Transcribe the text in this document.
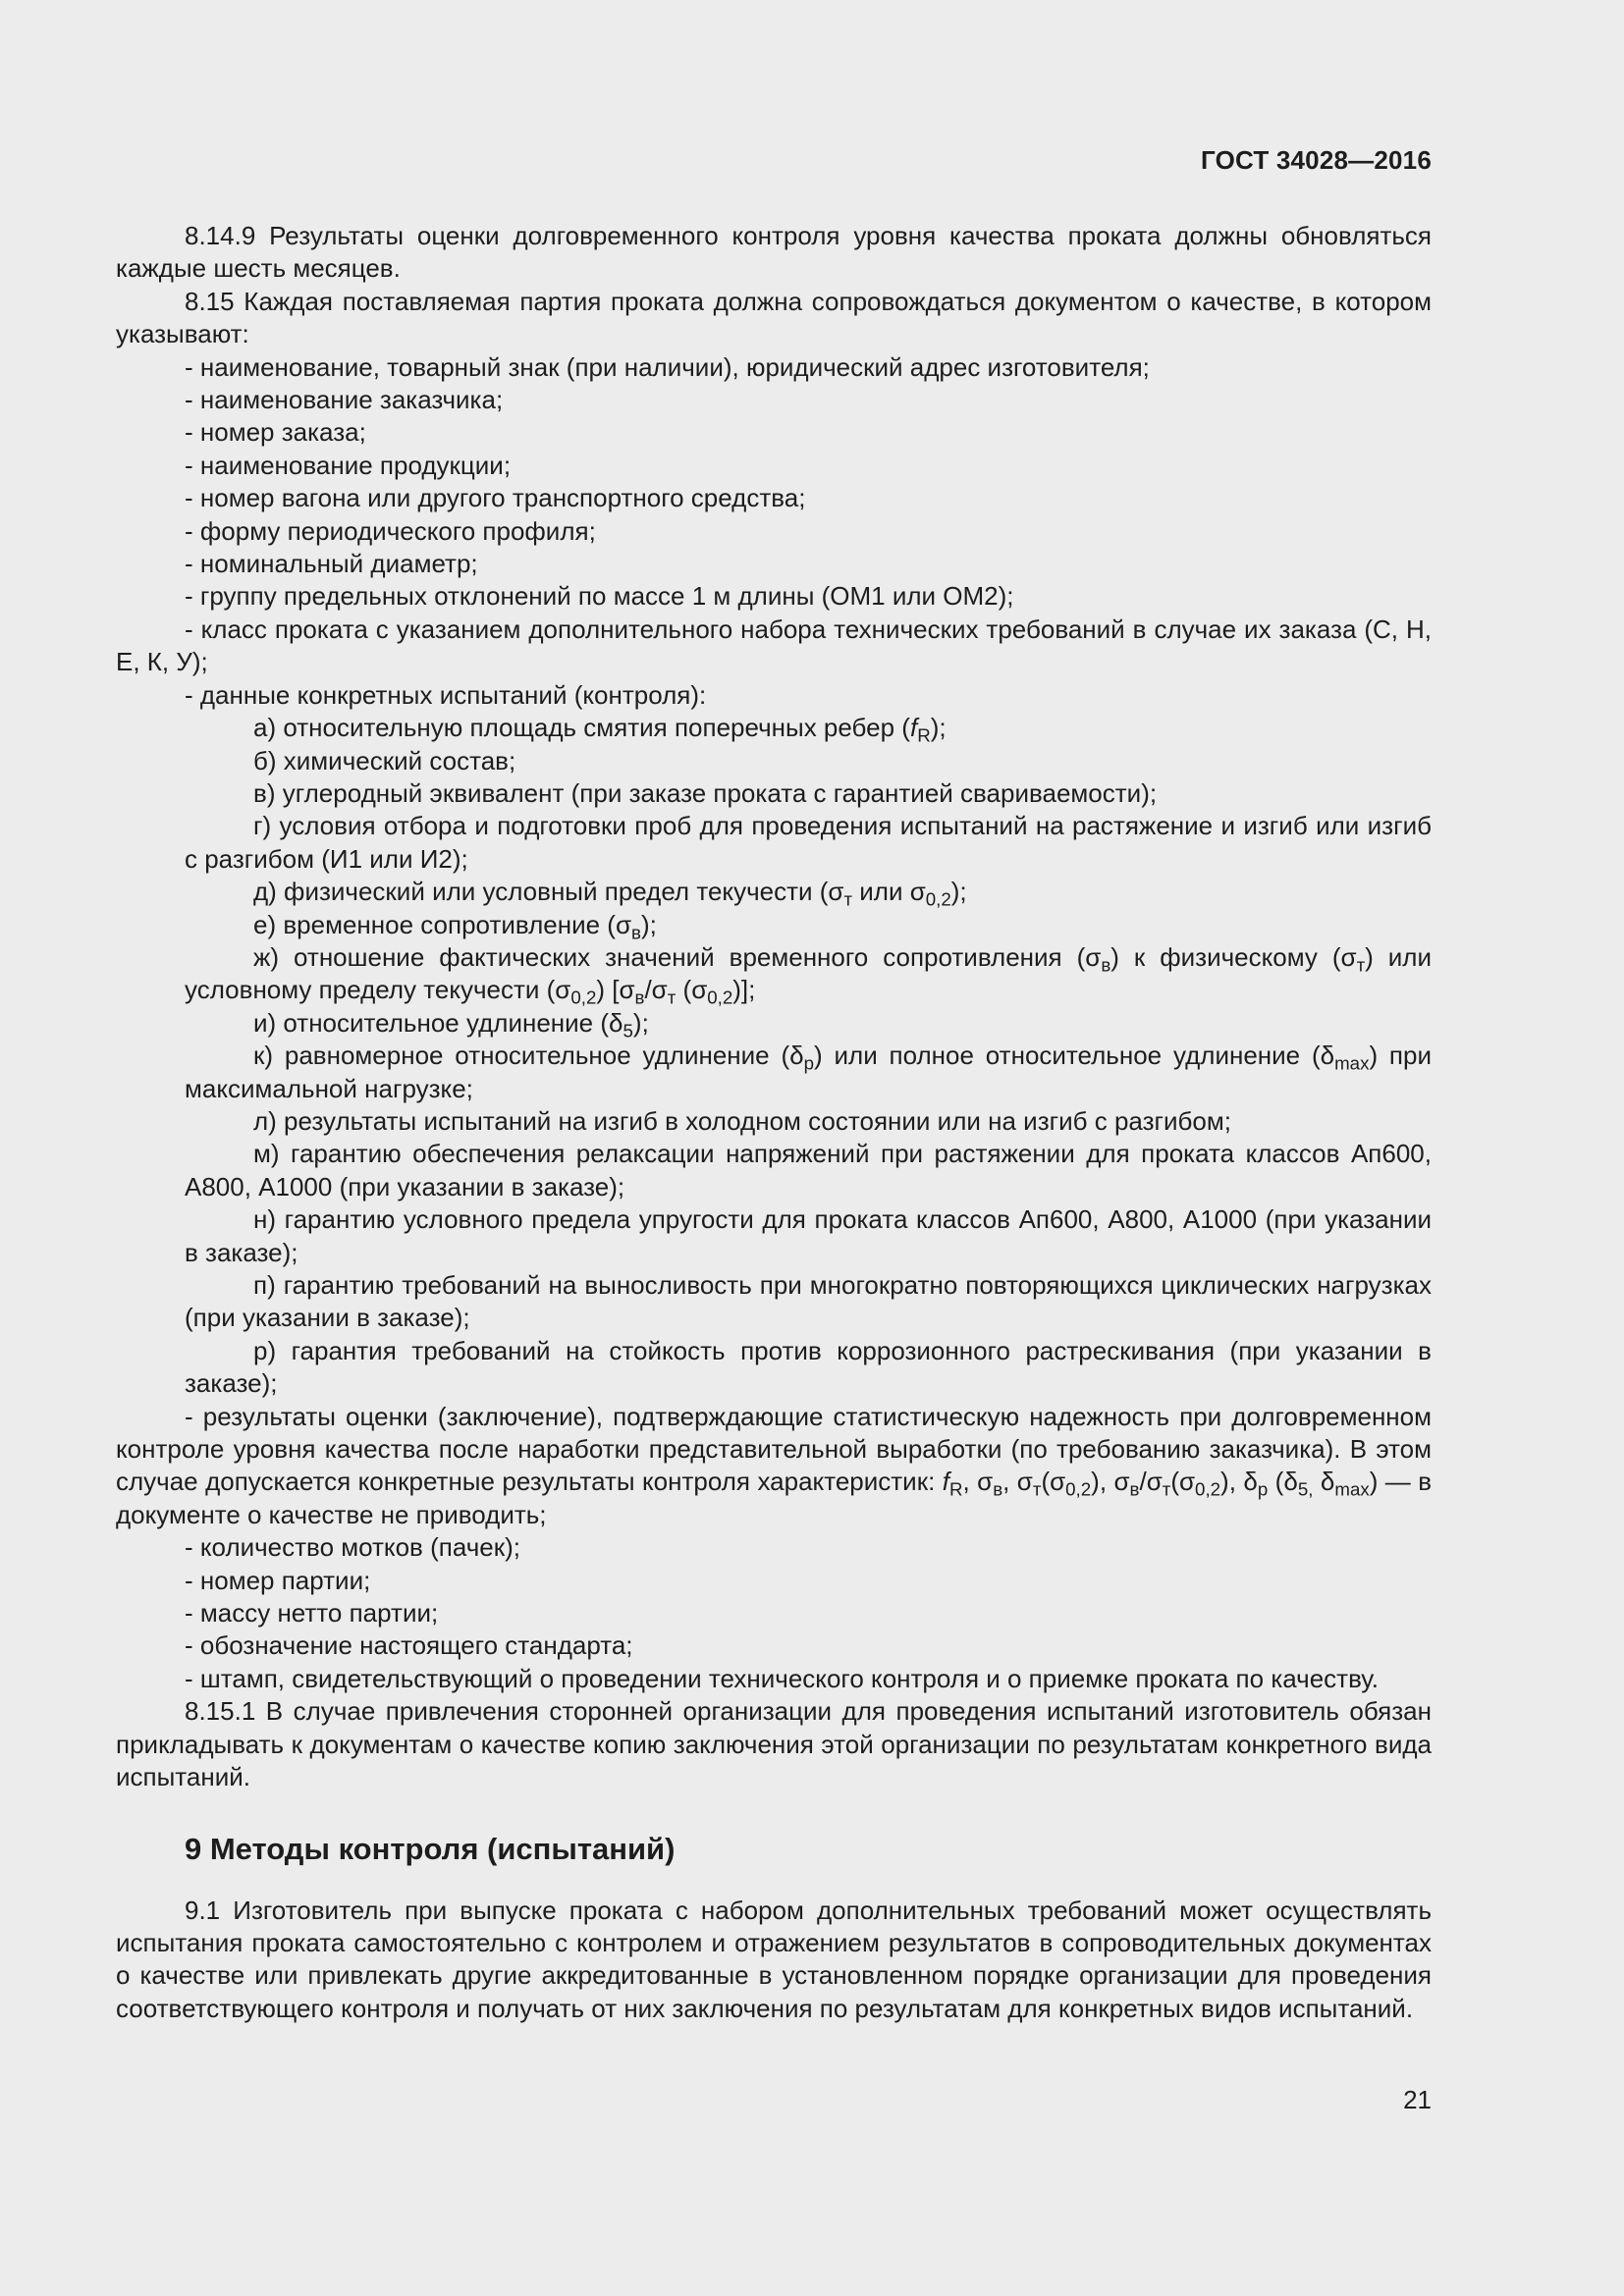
ГОСТ 34028—2016

8.14.9 Результаты оценки долговременного контроля уровня качества проката должны обновляться каждые шесть месяцев.

8.15 Каждая поставляемая партия проката должна сопровождаться документом о качестве, в котором указывают:

- наименование, товарный знак (при наличии), юридический адрес изготовителя;

- наименование заказчика;

- номер заказа;

- наименование продукции;

- номер вагона или другого транспортного средства;

- форму периодического профиля;

- номинальный диаметр;

- группу предельных отклонений по массе 1 м длины (ОМ1 или ОМ2);

- класс проката с указанием дополнительного набора технических требований в случае их заказа (С, Н, Е, К, У);

- данные конкретных испытаний (контроля):

а) относительную площадь смятия поперечных ребер $(f_R)$;

б) химический состав;

в) углеродный эквивалент (при заказе проката с гарантией свариваемости);

г) условия отбора и подготовки проб для проведения испытаний на растяжение и изгиб или изгиб с разгибом (И1 или И2);

д) физический или условный предел текучести ($\sigma_т$ или $\sigma_{0,2}$);

е) временное сопротивление $(\sigma_в)$;

ж) отношение фактических значений временного сопротивления $(\sigma_в)$ к физическому $(\sigma_т)$ или условному пределу текучести $(\sigma_{0,2})$ [$\sigma_в/\sigma_т$ $(\sigma_{0,2})$];

и) относительное удлинение $(\delta_5)$;

к) равномерное относительное удлинение $(\delta_р)$ или полное относительное удлинение $(\delta_{max})$ при максимальной нагрузке;

л) результаты испытаний на изгиб в холодном состоянии или на изгиб с разгибом;

м) гарантию обеспечения релаксации напряжений при растяжении для проката классов Ап600, А800, А1000 (при указании в заказе);

н) гарантию условного предела упругости для проката классов Ап600, А800, А1000 (при указании в заказе);

п) гарантию требований на выносливость при многократно повторяющихся циклических нагрузках (при указании в заказе);

р) гарантия требований на стойкость против коррозионного растрескивания (при указании в заказе);

- результаты оценки (заключение), подтверждающие статистическую надежность при долговременном контроле уровня качества после наработки представительной выработки (по требованию заказчика). В этом случае допускается конкретные результаты контроля характеристик: $f_R$, $\sigma_в$, $\sigma_т(\sigma_{0,2})$, $\sigma_в/\sigma_т(\sigma_{0,2})$, $\delta_р$ ($\delta_{5,}$ $\delta_{max}$) — в документе о качестве не приводить;

- количество мотков (пачек);

- номер партии;

- массу нетто партии;

- обозначение настоящего стандарта;

- штамп, свидетельствующий о проведении технического контроля и о приемке проката по качеству.

8.15.1 В случае привлечения сторонней организации для проведения испытаний изготовитель обязан прикладывать к документам о качестве копию заключения этой организации по результатам конкретного вида испытаний.

9 Методы контроля (испытаний)

9.1 Изготовитель при выпуске проката с набором дополнительных требований может осуществлять испытания проката самостоятельно с контролем и отражением результатов в сопроводительных документах о качестве или привлекать другие аккредитованные в установленном порядке организации для проведения соответствующего контроля и получать от них заключения по результатам для конкретных видов испытаний.

21
